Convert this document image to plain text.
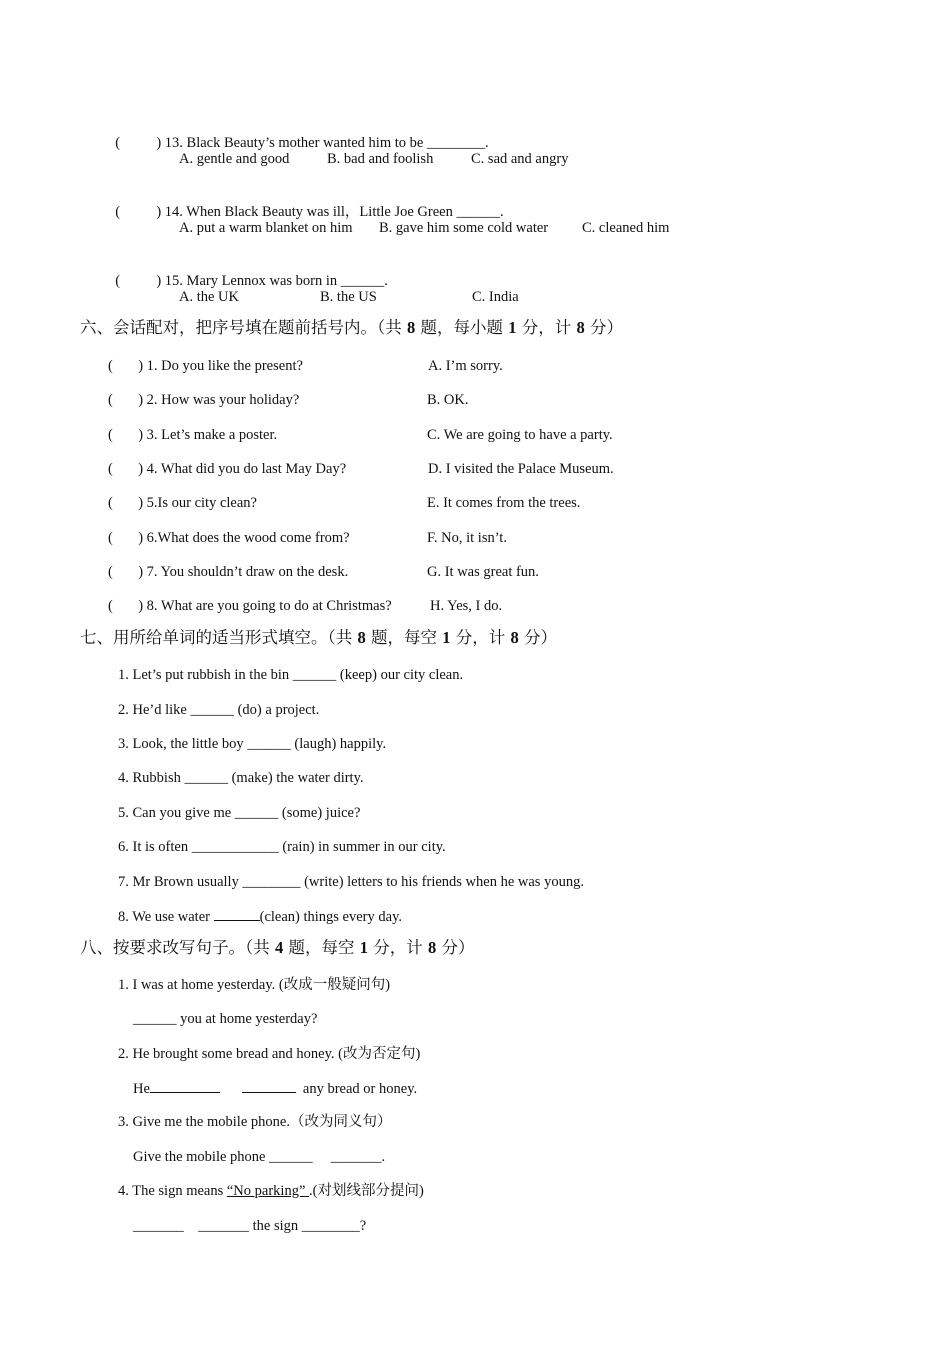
(          ) 13. Black Beauty’s mother wanted him to be ________.

A. gentle and good	B. bad and foolish	C. sad and angry

(          ) 14. When Black Beauty was ill，Little Joe Green ______.

A. put a warm blanket on him B. gave him some cold water C. cleaned him

(          ) 15. Mary Lennox was born in ______.

A. the UK	B. the US	C. India
六、会话配对，把序号填在题前括号内。（共 8 题，每小题 1 分，计 8 分）
(       ) 1. Do you like the present?	A. I’m sorry.
(       ) 2. How was your holiday?	B. OK.
(       ) 3. Let’s make a poster.	C. We are going to have a party.
(       ) 4. What did you do last May Day?	D. I visited the Palace Museum.
(       ) 5.Is our city clean?	E. It comes from the trees.
(       ) 6.What does the wood come from?	F. No, it isn’t.
(       ) 7. You shouldn’t draw on the desk.	G. It was great fun.
(       ) 8. What are you going to do at Christmas?	H. Yes, I do.
七、用所给单词的适当形式填空。（共 8 题，每空 1 分，计 8 分）
1. Let’s put rubbish in the bin ______ (keep) our city clean.
2. He’d like ______ (do) a project.
3. Look, the little boy ______ (laugh) happily.
4. Rubbish ______ (make) the water dirty.
5. Can you give me ______ (some) juice?
6. It is often ____________ (rain) in summer in our city.
7. Mr Brown usually ________ (write) letters to his friends when he was young.
8. We use water	(clean) things every day.
八、按要求改写句子。（共 4 题，每空 1 分，计 8 分）
1. I was at home yesterday. (改成一般疑问句)
______ you at home yesterday?
2. He brought some bread and honey. (改为否定句)
He	any bread or honey.
3. Give me the mobile phone.（改为同义句）
Give the mobile phone ______     _______.
4. The sign means “No parking” .(对划线部分提问)
_______    _______ the sign ________?
